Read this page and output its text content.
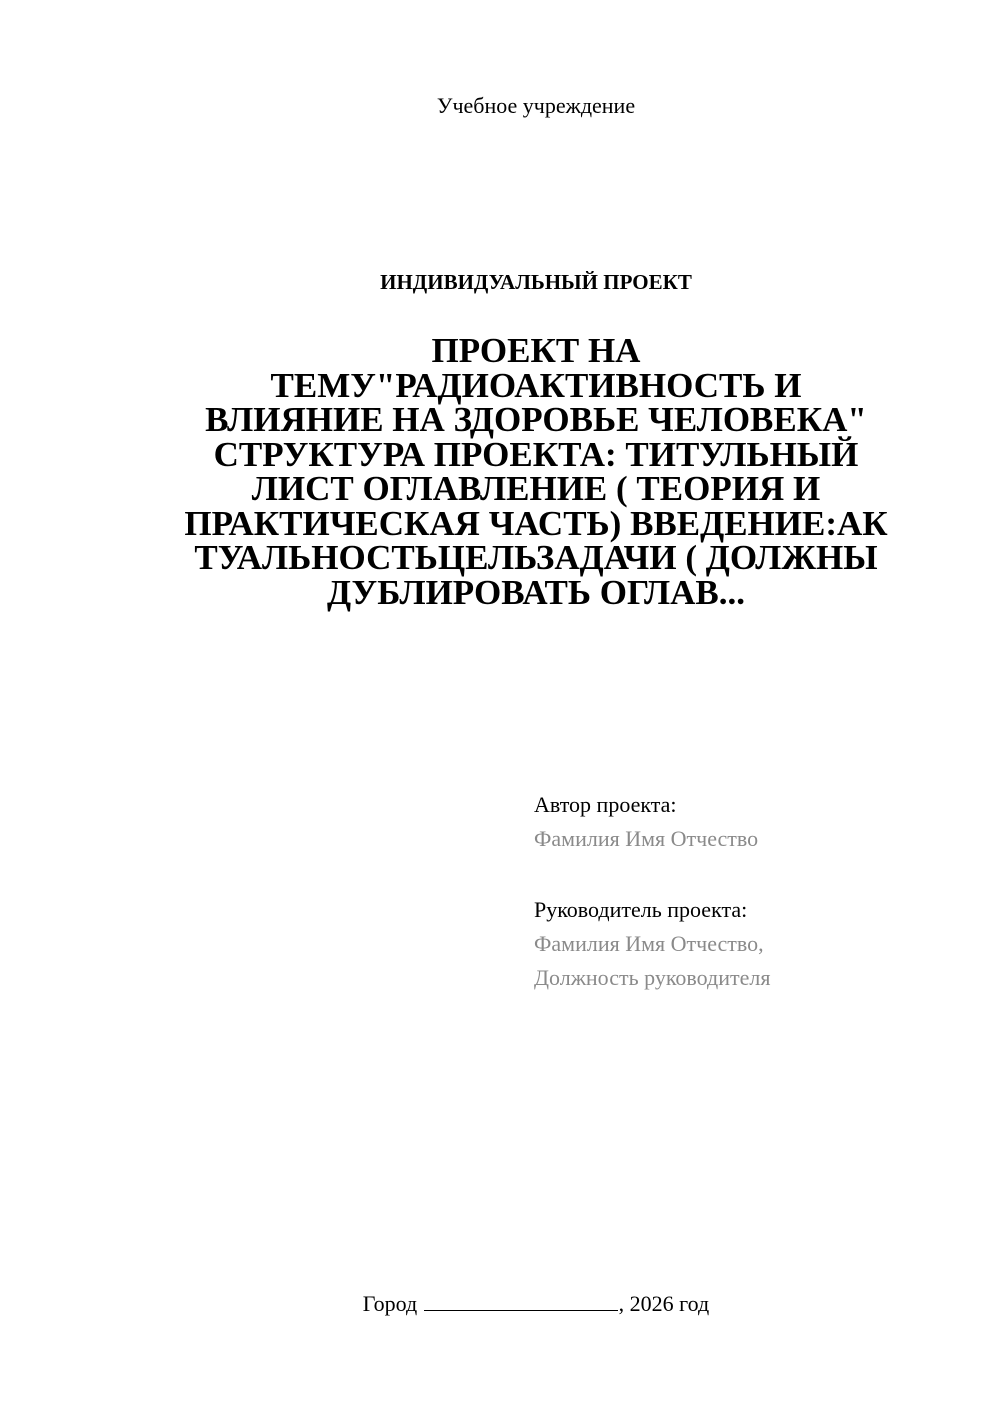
Учебное учреждение
ИНДИВИДУАЛЬНЫЙ ПРОЕКТ
ПРОЕКТ НА
ТЕМУ"РАДИОАКТИВНОСТЬ И
ВЛИЯНИЕ НА ЗДОРОВЬЕ ЧЕЛОВЕКА"
СТРУКТУРА ПРОЕКТА: ТИТУЛЬНЫЙ
ЛИСТ ОГЛАВЛЕНИЕ ( ТЕОРИЯ И
ПРАКТИЧЕСКАЯ ЧАСТЬ) ВВЕДЕНИЕ:АК
ТУАЛЬНОСТЬЦЕЛЬЗАДАЧИ ( ДОЛЖНЫ
ДУБЛИРОВАТЬ ОГЛАВ...
Автор проекта:
Фамилия Имя Отчество
Руководитель проекта:
Фамилия Имя Отчество,
Должность руководителя
Город	, 2026 год
